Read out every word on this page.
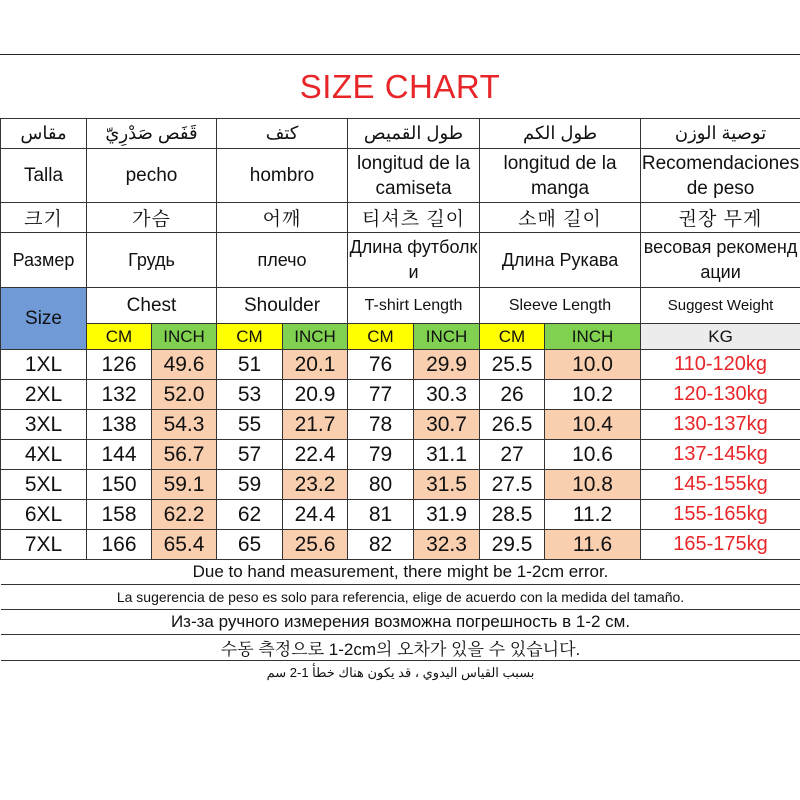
SIZE CHART
مقاس	قَفَص صَدْرِيّ		كتف		طول القميص		طول الكم		توصية الوزن
Talla	pecho		hombro		longitud de la camiseta		longitud de la manga		Recomendaciones de peso
크기	가슴		어깨		티셔츠 길이		소매 길이		권장 무게
Размер	Грудь		плечо		Длина футболки		Длина Рукава		весовая рекомендации
Size	Chest		Shoulder		T-shirt Length		Sleeve Length		Suggest Weight
	CM	INCH	CM	INCH	CM	INCH	CM	INCH	KG
1XL	126	49.6	51	20.1	76	29.9	25.5	10.0	110-120kg
2XL	132	52.0	53	20.9	77	30.3	26	10.2	120-130kg
3XL	138	54.3	55	21.7	78	30.7	26.5	10.4	130-137kg
4XL	144	56.7	57	22.4	79	31.1	27	10.6	137-145kg
5XL	150	59.1	59	23.2	80	31.5	27.5	10.8	145-155kg
6XL	158	62.2	62	24.4	81	31.9	28.5	11.2	155-165kg
7XL	166	65.4	65	25.6	82	32.3	29.5	11.6	165-175kg
Due to hand measurement, there might be 1-2cm error.									
La sugerencia de peso es solo para referencia, elige de acuerdo con la medida del tamaño.									
Из-за ручного измерения возможна погрешность в 1-2 см.									
수동 측정으로 1-2cm의 오차가 있을 수 있습니다.									
بسبب القياس اليدوي ، قد يكون هناك خطأ 1-2 سم									
